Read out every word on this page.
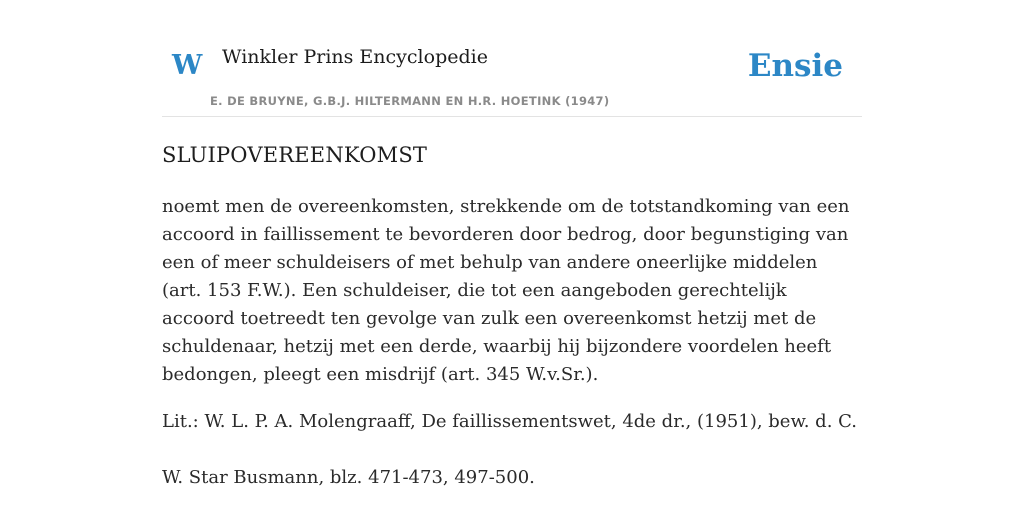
W Winkler Prins Encyclopedie
E. DE BRUYNE, G.B.J. HILTERMANN EN H.R. HOETINK (1947)
Ensie
SLUIPOVEREENKOMST

noemt men de overeenkomsten, strekkende om de totstandkoming van een accoord in faillissement te bevorderen door bedrog, door begunstiging van een of meer schuldeisers of met behulp van andere oneerlijke middelen (art. 153 F.W.). Een schuldeiser, die tot een aangeboden gerechtelijk accoord toetreedt ten gevolge van zulk een overeenkomst hetzij met de schuldenaar, hetzij met een derde, waarbij hij bijzondere voordelen heeft bedongen, pleegt een misdrijf (art. 345 W.v.Sr.).

Lit.: W. L. P. A. Molengraaff, De faillissementswet, 4de dr., (1951), bew. d. C.

W. Star Busmann, blz. 471-473, 497-500.
